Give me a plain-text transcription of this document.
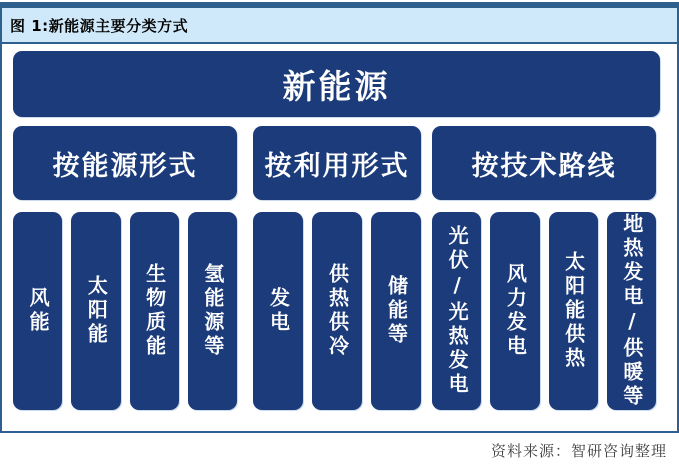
图 1:新能源主要分类方式
新能源
按能源形式	按利用形式	按技术路线
风能 太阳能 生物质能 氢能源等 发电 供热供冷 储能等 光伏/光热发电 风力发电 太阳能供热 地热发电/供暖等
资料来源：智研咨询整理
